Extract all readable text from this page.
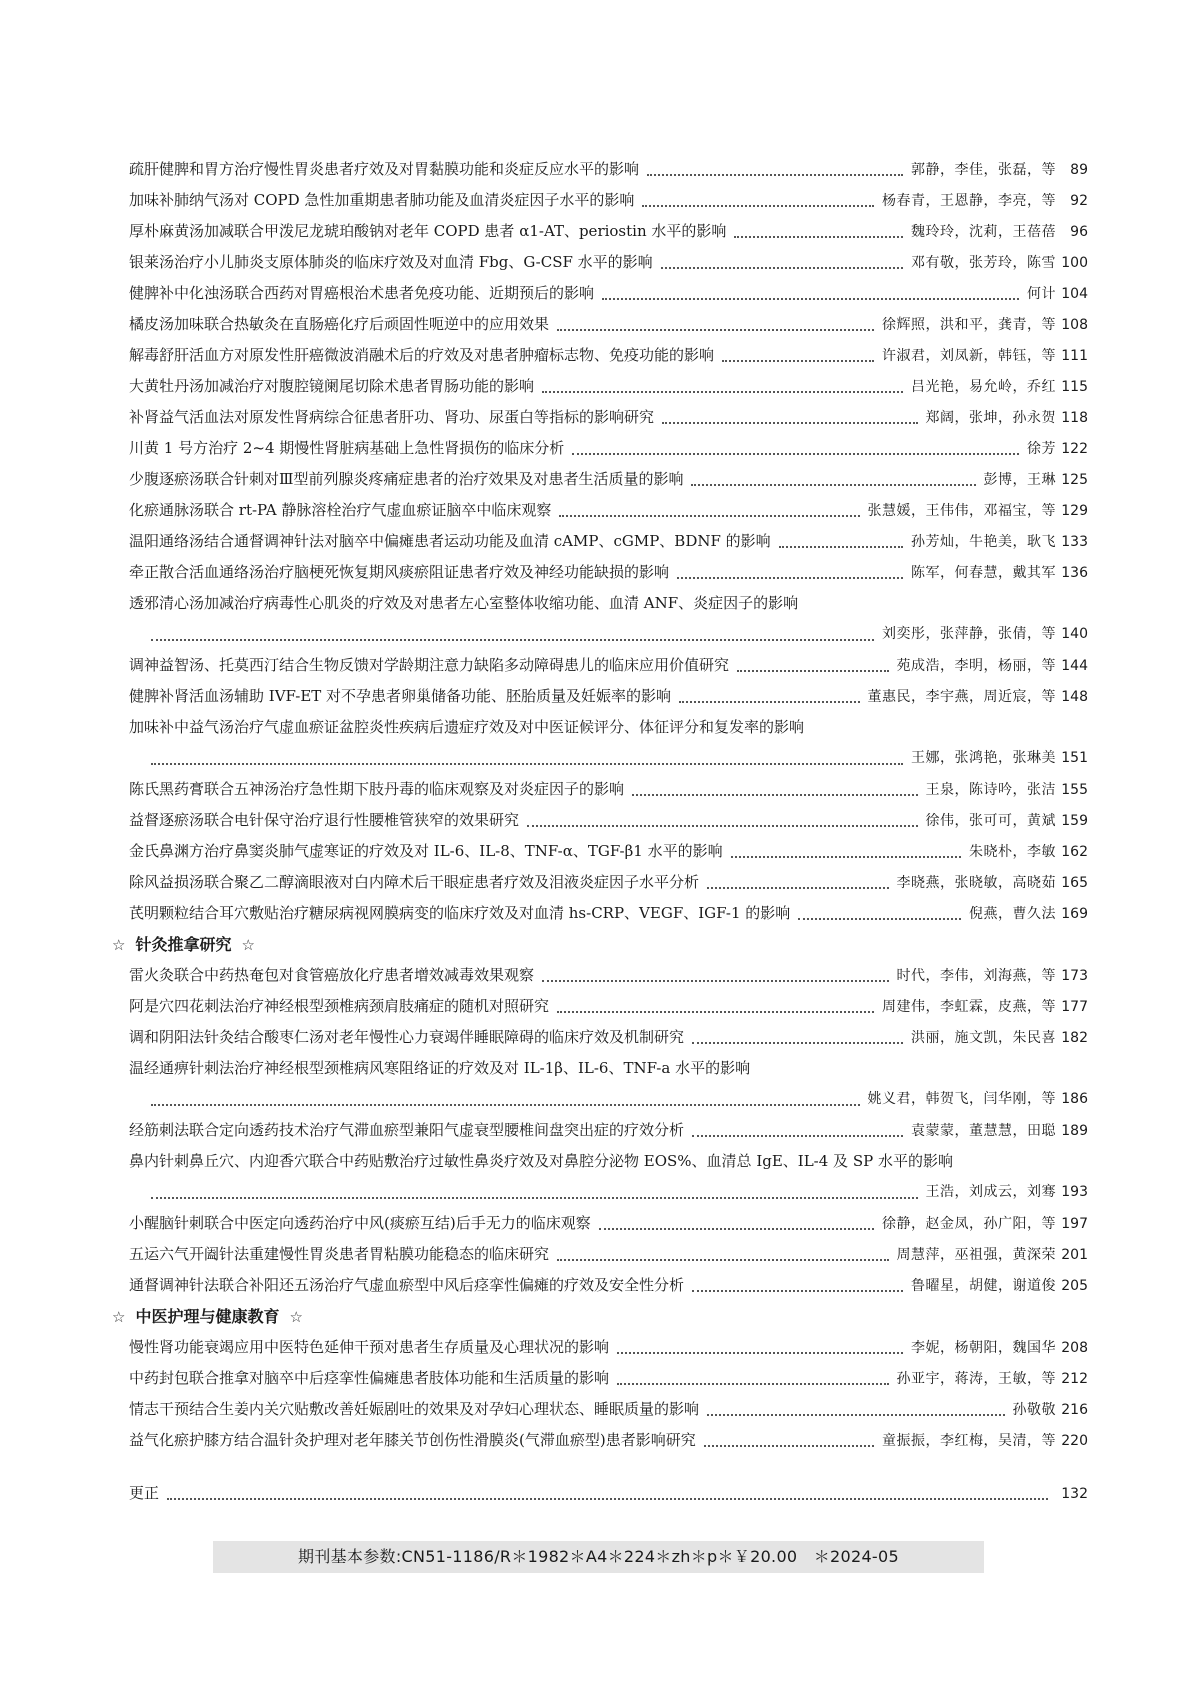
疏肝健脾和胃方治疗慢性胃炎患者疗效及对胃黏膜功能和炎症反应水平的影响	郭静，李佳，张磊，等	89
加味补肺纳气汤对 COPD 急性加重期患者肺功能及血清炎症因子水平的影响	杨春青，王恩静，李亮，等	92
厚朴麻黄汤加减联合甲泼尼龙琥珀酸钠对老年 COPD 患者 α1-AT、periostin 水平的影响	魏玲玲，沈莉，王蓓蓓	96
银莱汤治疗小儿肺炎支原体肺炎的临床疗效及对血清 Fbg、G-CSF 水平的影响	邓有敬，张芳玲，陈雪 100
健脾补中化浊汤联合西药对胃癌根治术患者免疫功能、近期预后的影响	何计 104
橘皮汤加味联合热敏灸在直肠癌化疗后顽固性呃逆中的应用效果	徐辉照，洪和平，龚青，等 108
解毒舒肝活血方对原发性肝癌微波消融术后的疗效及对患者肿瘤标志物、免疫功能的影响	许淑君，刘凤新，韩钰，等 111
大黄牡丹汤加减治疗对腹腔镜阑尾切除术患者胃肠功能的影响	吕光艳，易允岭，乔红 115
补肾益气活血法对原发性肾病综合征患者肝功、肾功、尿蛋白等指标的影响研究	郑阔，张坤，孙永贺 118
川黄 1 号方治疗 2~4 期慢性肾脏病基础上急性肾损伤的临床分析	徐芳 122
少腹逐瘀汤联合针刺对Ⅲ型前列腺炎疼痛症患者的治疗效果及对患者生活质量的影响	彭博，王琳 125
化瘀通脉汤联合 rt-PA 静脉溶栓治疗气虚血瘀证脑卒中临床观察	张慧媛，王伟伟，邓福宝，等 129
温阳通络汤结合通督调神针法对脑卒中偏瘫患者运动功能及血清 cAMP、cGMP、BDNF 的影响	孙芳灿，牛艳美，耿飞 133
牵正散合活血通络汤治疗脑梗死恢复期风痰瘀阻证患者疗效及神经功能缺损的影响	陈军，何春慧，戴其军 136
透邪清心汤加减治疗病毒性心肌炎的疗效及对患者左心室整体收缩功能、血清 ANF、炎症因子的影响
刘奕彤，张萍静，张倩，等 140
调神益智汤、托莫西汀结合生物反馈对学龄期注意力缺陷多动障碍患儿的临床应用价值研究	苑成浩，李明，杨丽，等 144
健脾补肾活血汤辅助 IVF-ET 对不孕患者卵巢储备功能、胚胎质量及妊娠率的影响	董惠民，李宇燕，周近宸，等 148
加味补中益气汤治疗气虚血瘀证盆腔炎性疾病后遗症疗效及对中医证候评分、体征评分和复发率的影响
王娜，张鸿艳，张琳美 151
陈氏黑药膏联合五神汤治疗急性期下肢丹毒的临床观察及对炎症因子的影响	王泉，陈诗吟，张洁 155
益督逐瘀汤联合电针保守治疗退行性腰椎管狭窄的效果研究	徐伟，张可可，黄斌 159
金氏鼻渊方治疗鼻窦炎肺气虚寒证的疗效及对 IL-6、IL-8、TNF-α、TGF-β1 水平的影响	朱晓朴，李敏 162
除风益损汤联合聚乙二醇滴眼液对白内障术后干眼症患者疗效及泪液炎症因子水平分析	李晓燕，张晓敏，高晓茹 165
芪明颗粒结合耳穴敷贴治疗糖尿病视网膜病变的临床疗效及对血清 hs-CRP、VEGF、IGF-1 的影响	倪燕，曹久法 169
☆ 针灸推拿研究 ☆
雷火灸联合中药热奄包对食管癌放化疗患者增效减毒效果观察	时代，李伟，刘海燕，等 173
阿是穴四花刺法治疗神经根型颈椎病颈肩肢痛症的随机对照研究	周建伟，李虹霖，皮燕，等 177
调和阴阳法针灸结合酸枣仁汤对老年慢性心力衰竭伴睡眠障碍的临床疗效及机制研究	洪丽，施文凯，朱民喜 182
温经通痹针刺法治疗神经根型颈椎病风寒阻络证的疗效及对 IL-1β、IL-6、TNF-a 水平的影响
姚义君，韩贺飞，闫华刚，等 186
经筋刺法联合定向透药技术治疗气滞血瘀型兼阳气虚衰型腰椎间盘突出症的疗效分析	袁蒙蒙，董慧慧，田聪 189
鼻内针刺鼻丘穴、内迎香穴联合中药贴敷治疗过敏性鼻炎疗效及对鼻腔分泌物 EOS%、血清总 IgE、IL-4 及 SP 水平的影响
王浩，刘成云，刘骞 193
小醒脑针刺联合中医定向透药治疗中风(痰瘀互结)后手无力的临床观察	徐静，赵金凤，孙广阳，等 197
五运六气开阖针法重建慢性胃炎患者胃粘膜功能稳态的临床研究	周慧萍，巫祖强，黄深荣 201
通督调神针法联合补阳还五汤治疗气虚血瘀型中风后痉挛性偏瘫的疗效及安全性分析	鲁曜星，胡健，谢道俊 205
☆ 中医护理与健康教育 ☆
慢性肾功能衰竭应用中医特色延伸干预对患者生存质量及心理状况的影响	李妮，杨朝阳，魏国华 208
中药封包联合推拿对脑卒中后痉挛性偏瘫患者肢体功能和生活质量的影响	孙亚宇，蒋涛，王敏，等 212
情志干预结合生姜内关穴贴敷改善妊娠剧吐的效果及对孕妇心理状态、睡眠质量的影响	孙敬敬 216
益气化瘀护膝方结合温针灸护理对老年膝关节创伤性滑膜炎(气滞血瘀型)患者影响研究	童振振，李红梅，吴清，等 220
更正	132
期刊基本参数:CN51-1186/R＊1982＊A4＊224＊zh＊p＊￥20.00　＊2024-05
